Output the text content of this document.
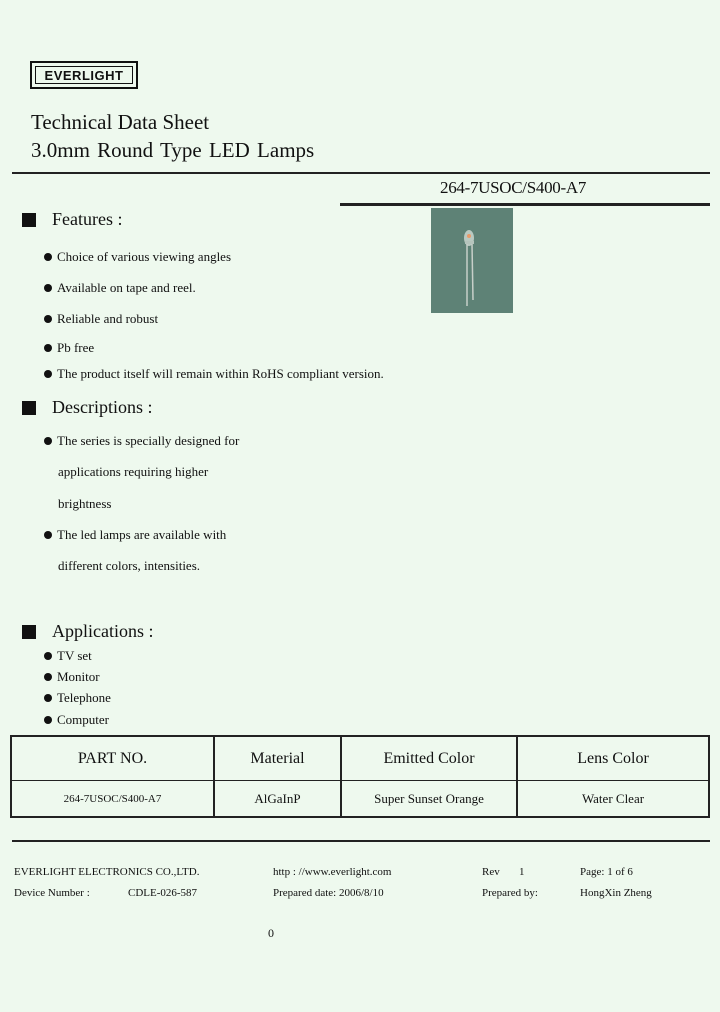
EVERLIGHT
Technical Data Sheet
3.0mm Round Type LED Lamps
264-7USOC/S400-A7
Features :
Choice of various viewing angles
Available on tape and reel.
Reliable and robust
Pb free
The product itself will remain within RoHS compliant version.
Descriptions :
The series is specially designed for
applications requiring higher
brightness
The led lamps are available with
different colors, intensities.
Applications :
TV set
Monitor
Telephone
Computer
PART NO.	Material	Emitted Color	Lens Color
264-7USOC/S400-A7	AlGaInP	Super Sunset Orange	Water Clear
EVERLIGHT ELECTRONICS CO.,LTD.	http : //www.everlight.com	Rev 1	Page: 1 of 6
Device Number :	CDLE-026-587	Prepared date: 2006/8/10	Prepared by:	HongXin Zheng
0
